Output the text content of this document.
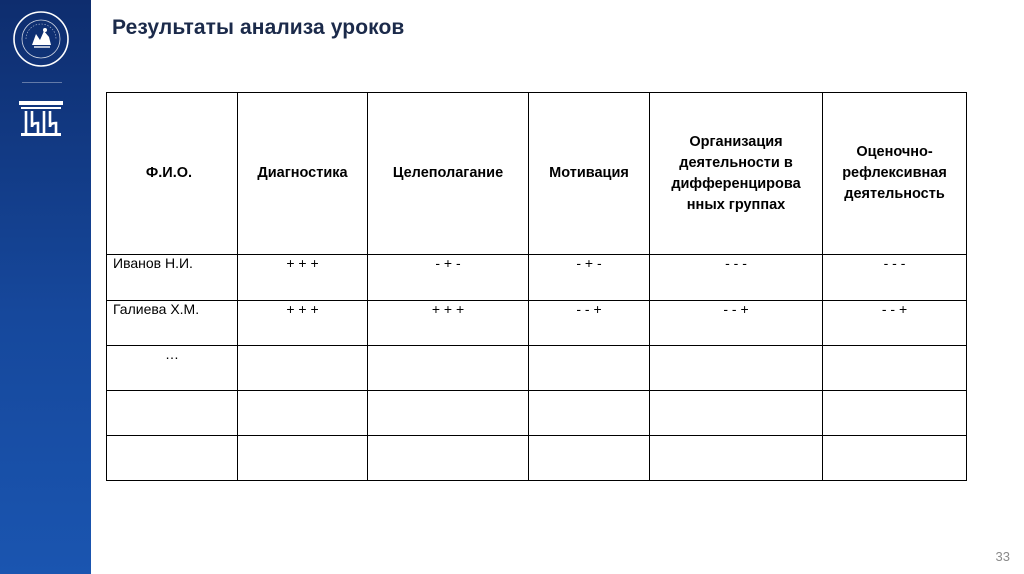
Результаты анализа уроков
Ф.И.О.	Диагностика	Целеполагание	Мотивация	Организация деятельности в дифференцирова нных группах	Оценочно-рефлексивная деятельность
Иванов Н.И.	+ + +	- + -	- + -	- - -	- - -
Галиева Х.М.	+ + +	+ + +	- - +	- - +	- - +
…					

33
